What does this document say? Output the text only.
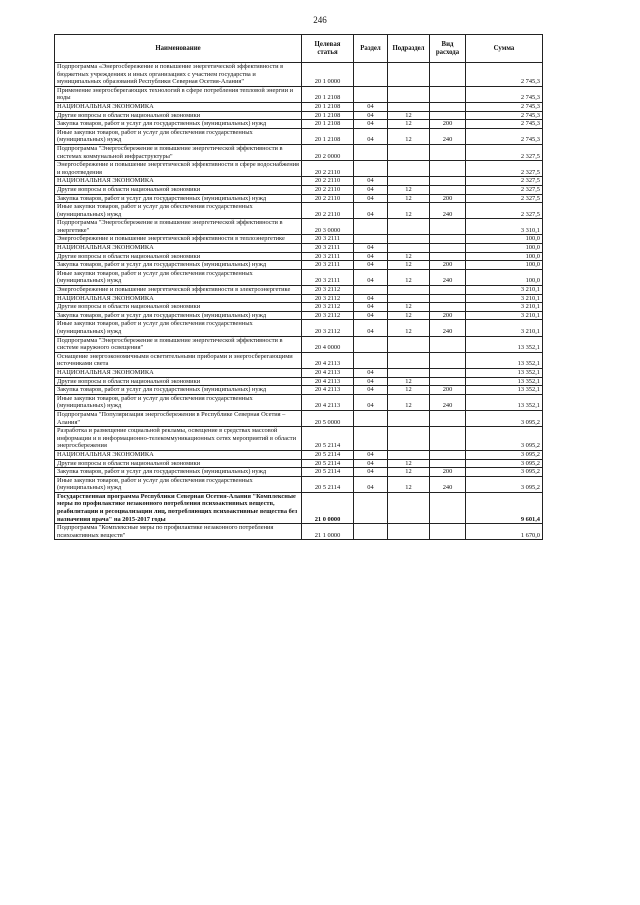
246
Наименование	Целевая статья	Раздел	Подраздел	Вид расхода	Сумма
Подпрограмма «Энергосбережение и повышение энергетической эффективности в бюджетных учреждениях и иных организациях с участием государства и муниципальных образований Республики Северная Осетия-Алания"	20 1 0000				2 745,3
Применение энергосберегающих технологий в сфере потребления тепловой энергии и воды	20 1 2108				2 745,3
НАЦИОНАЛЬНАЯ ЭКОНОМИКА	20 1 2108	04			2 745,3
Другие вопросы в области национальной экономики	20 1 2108	04	12		2 745,3
Закупка товаров, работ и услуг для государственных (муниципальных) нужд	20 1 2108	04	12	200	2 745,3
Иные закупки товаров, работ и услуг для обеспечения государственных (муниципальных) нужд	20 1 2108	04	12	240	2 745,3
Подпрограмма "Энергосбережение и повышение энергетической эффективности в системах коммунальной инфраструктуры"	20 2 0000				2 327,5
Энергосбережение и повышение энергетической эффективности в сфере водоснабжения и водоотведения	20 2 2110				2 327,5
НАЦИОНАЛЬНАЯ ЭКОНОМИКА	20 2 2110	04			2 327,5
Другие вопросы в области национальной экономики	20 2 2110	04	12		2 327,5
Закупка товаров, работ и услуг для государственных (муниципальных) нужд	20 2 2110	04	12	200	2 327,5
Иные закупки товаров, работ и услуг для обеспечения государственных (муниципальных) нужд	20 2 2110	04	12	240	2 327,5
Подпрограмма "Энергосбережение и повышение энергетической эффективности в энергетике"	20 3 0000				3 310,1
Энергосбережение и повышение энергетической эффективности в теплоэнергетике	20 3 2111				100,0
НАЦИОНАЛЬНАЯ ЭКОНОМИКА	20 3 2111	04			100,0
Другие вопросы в области национальной экономики	20 3 2111	04	12		100,0
Закупка товаров, работ и услуг для государственных (муниципальных) нужд	20 3 2111	04	12	200	100,0
Иные закупки товаров, работ и услуг для обеспечения государственных (муниципальных) нужд	20 3 2111	04	12	240	100,0
Энергосбережение и повышение энергетической эффективности в электроэнергетике	20 3 2112				3 210,1
НАЦИОНАЛЬНАЯ ЭКОНОМИКА	20 3 2112	04			3 210,1
Другие вопросы в области национальной экономики	20 3 2112	04	12		3 210,1
Закупка товаров, работ и услуг для государственных (муниципальных) нужд	20 3 2112	04	12	200	3 210,1
Иные закупки товаров, работ и услуг для обеспечения государственных (муниципальных) нужд	20 3 2112	04	12	240	3 210,1
Подпрограмма "Энергосбережение и повышение энергетической эффективности в системе наружного освещения"	20 4 0000				13 352,1
Оснащение энергоэкономичными осветительными приборами и энергосберегающими источниками света	20 4 2113				13 352,1
НАЦИОНАЛЬНАЯ ЭКОНОМИКА	20 4 2113	04			13 352,1
Другие вопросы в области национальной экономики	20 4 2113	04	12		13 352,1
Закупка товаров, работ и услуг для государственных (муниципальных) нужд	20 4 2113	04	12	200	13 352,1
Иные закупки товаров, работ и услуг для обеспечения государственных (муниципальных) нужд	20 4 2113	04	12	240	13 352,1
Подпрограмма "Популяризация энергосбережения в Республике Северная Осетия – Алания"	20 5 0000				3 095,2
Разработка и размещение социальной рекламы, освещение в средствах массовой информации и в информационно-телекоммуникационных сетях мероприятий в области энергосбережения	20 5 2114				3 095,2
НАЦИОНАЛЬНАЯ ЭКОНОМИКА	20 5 2114	04			3 095,2
Другие вопросы в области национальной экономики	20 5 2114	04	12		3 095,2
Закупка товаров, работ и услуг для государственных (муниципальных) нужд	20 5 2114	04	12	200	3 095,2
Иные закупки товаров, работ и услуг для обеспечения государственных (муниципальных) нужд	20 5 2114	04	12	240	3 095,2
Государственная программа Республики Северная Осетия-Алания "Комплексные меры по профилактике незаконного потребления психоактивных веществ, реабилитации и ресоциализации лиц, потребляющих психоактивные вещества без назначения врача" на 2015-2017 годы	21 0 0000				9 601,4
Подпрограмма "Комплексные меры по профилактике незаконного потребления психоактивных веществ"	21 1 0000				1 670,0
